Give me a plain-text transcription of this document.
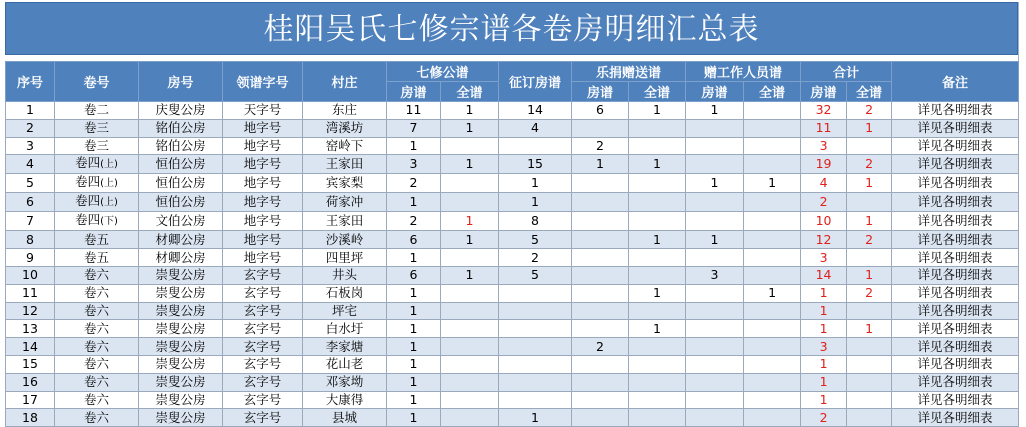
桂阳吴氏七修宗谱各卷房明细汇总表
序号	卷号	房号	领谱字号	村庄	七修公谱		征订房谱	乐捐赠送谱		赠工作人员谱		合计		备注
					房谱	全谱		房谱	全谱	房谱	全谱	房谱	全谱	
1	卷二	庆叟公房	天字号	东庄	11	1	14	6	1	1		32	2	详见各明细表
2	卷三	铭伯公房	地字号	湾溪坊	7	1	4					11	1	详见各明细表
3	卷三	铭伯公房	地字号	窑岭下	1			2				3		详见各明细表
4	卷四(上)	恒伯公房	地字号	王家田	3	1	15	1	1			19	2	详见各明细表
5	卷四(上)	恒伯公房	地字号	宾家梨	2		1			1	1	4	1	详见各明细表
6	卷四(上)	恒伯公房	地字号	荷家冲	1		1					2		详见各明细表
7	卷四(下)	文伯公房	地字号	王家田	2	1	8					10	1	详见各明细表
8	卷五	材卿公房	地字号	沙溪岭	6	1	5		1	1		12	2	详见各明细表
9	卷五	材卿公房	地字号	四里坪	1		2					3		详见各明细表
10	卷六	崇叟公房	玄字号	井头	6	1	5			3		14	1	详见各明细表
11	卷六	崇叟公房	玄字号	石板岗	1				1		1	1	2	详见各明细表
12	卷六	崇叟公房	玄字号	坪宅	1							1		详见各明细表
13	卷六	崇叟公房	玄字号	白水圩	1				1			1	1	详见各明细表
14	卷六	崇叟公房	玄字号	李家塘	1			2				3		详见各明细表
15	卷六	崇叟公房	玄字号	花山老	1							1		详见各明细表
16	卷六	崇叟公房	玄字号	邓家坳	1							1		详见各明细表
17	卷六	崇叟公房	玄字号	大康得	1							1		详见各明细表
18	卷六	崇叟公房	玄字号	县城	1		1					2		详见各明细表
